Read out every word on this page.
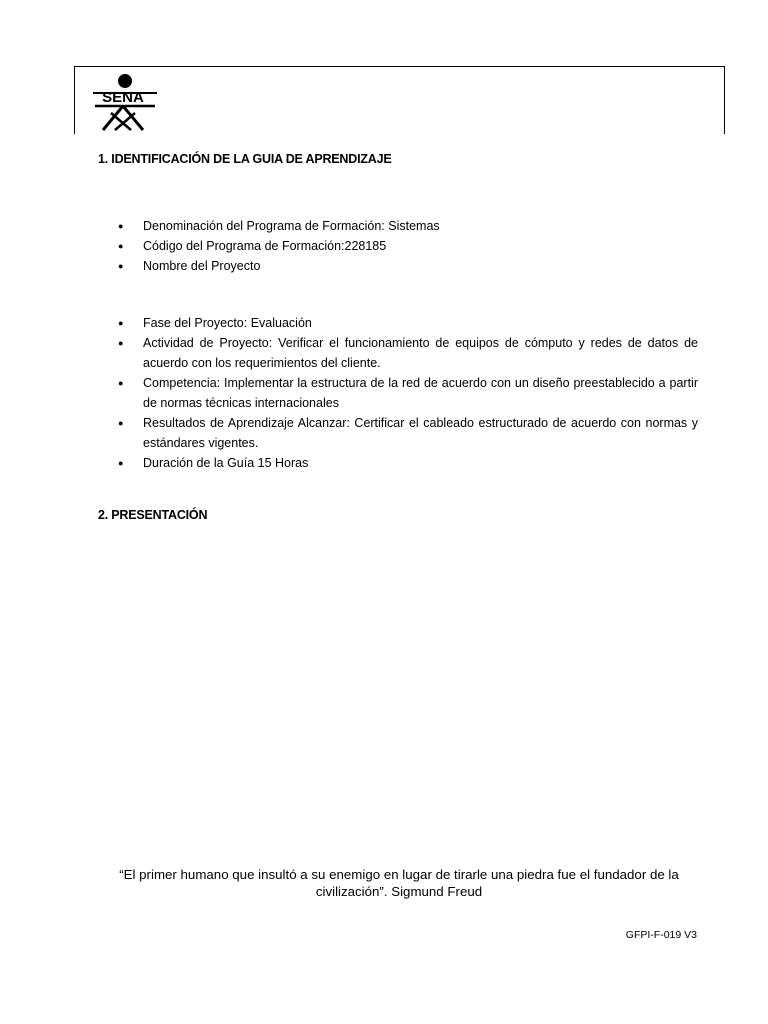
SENA
1. IDENTIFICACIÓN DE LA GUIA DE APRENDIZAJE
● Denominación del Programa de Formación: Sistemas
● Código del Programa de Formación:228185
● Nombre del Proyecto
● Fase del Proyecto: Evaluación
● Actividad de Proyecto: Verificar el funcionamiento de equipos de cómputo y redes de datos de acuerdo con los requerimientos del cliente.
● Competencia: Implementar la estructura de la red de acuerdo con un diseño preestablecido a partir de normas técnicas internacionales
● Resultados de Aprendizaje Alcanzar: Certificar el cableado estructurado de acuerdo con normas y estándares vigentes.
● Duración de la Guía 15 Horas
2. PRESENTACIÓN
“El primer humano que insultó a su enemigo en lugar de tirarle una piedra fue el fundador de la civilización”. Sigmund Freud
GFPI-F-019 V3
